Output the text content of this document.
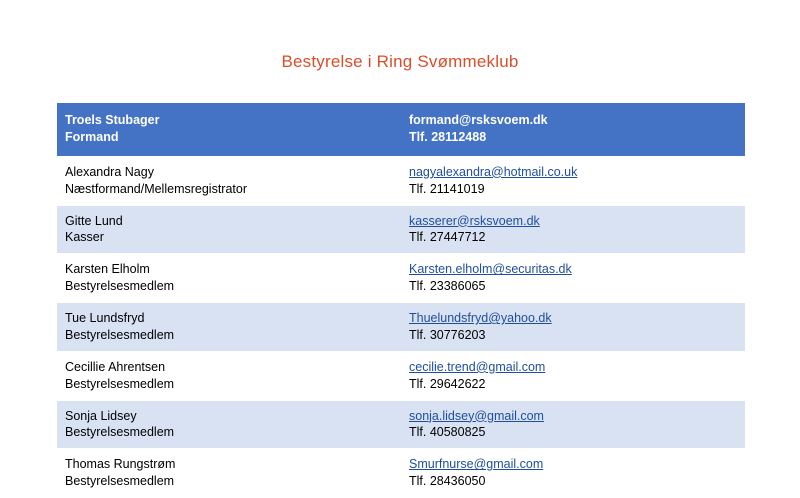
Bestyrelse i Ring Svømmeklub
Troels Stubager
Formand	formand@rsksvoem.dk
Tlf. 28112488

Alexandra Nagy
Næstformand/Mellemsregistrator	nagyalexandra@hotmail.co.uk
Tlf. 21141019

Gitte Lund
Kasser	kasserer@rsksvoem.dk
Tlf. 27447712

Karsten Elholm
Bestyrelsesmedlem	Karsten.elholm@securitas.dk
Tlf. 23386065

Tue Lundsfryd
Bestyrelsesmedlem	Thuelundsfryd@yahoo.dk
Tlf. 30776203

Cecillie Ahrentsen
Bestyrelsesmedlem	cecilie.trend@gmail.com
Tlf. 29642622

Sonja Lidsey
Bestyrelsesmedlem	sonja.lidsey@gmail.com
Tlf. 40580825

Thomas Rungstrøm
Bestyrelsesmedlem	Smurfnurse@gmail.com
Tlf. 28436050
